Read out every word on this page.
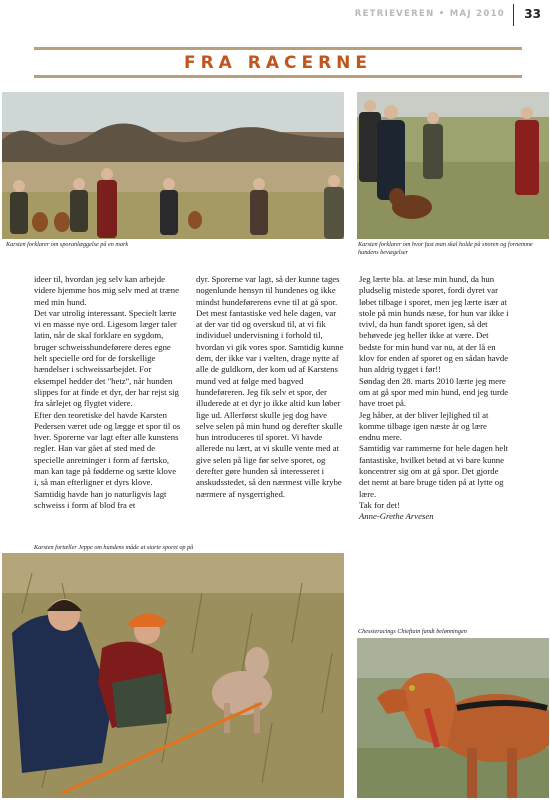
RETRIEVEREN • MAJ 2010 33
FRA RACERNE
Karsten forklarer om sporanlæggelse på en mark	Karsten forklarer om hvor fast man skal holde på snoren og fornemme hundens bevægelser

ideer til, hvordan jeg selv kan arbejde videre hjemme hos mig selv med at træne med min hund.

Det var utrolig interessant. Specielt lærte vi en masse nye ord. Ligesom læger taler latin, når de skal forklare en sygdom, bruger schweisshundeførere deres egne helt specielle ord for de forskellige hændelser i schweissarbejdet. For eksempel hedder det "hetz", når hunden slippes for at finde et dyr, der har rejst sig fra sårlejet og flygtet videre.

Efter den teoretiske del havde Karsten Pedersen været ude og lægge et spor til os hver. Sporerne var lagt efter alle kunstens regler. Han var gået af sted med de specielle anretninger i form af færtsko, man kan tage på fødderne og sætte klove i, så man efterligner et dyrs klove. Samtidig havde han jo naturligvis lagt schweiss i form af blod fra et

dyr. Sporerne var lagt, så der kunne tages nogenlunde hensyn til hundenes og ikke mindst hundeførerens evne til at gå spor.

Det mest fantastiske ved hele dagen, var at der var tid og overskud til, at vi fik individuel undervisning i forhold til, hvordan vi gik vores spor. Samtidig kunne dem, der ikke var i vælten, drage nytte af alle de guldkorn, der kom ud af Karstens mund ved at følge med bagved hundeføreren. Jeg fik selv et spor, der illuderede at et dyr jo ikke altid kun løber lige ud. Allerførst skulle jeg dog have selve selen på min hund og derefter skulle hun introduceres til sporet. Vi havde allerede nu lært, at vi skulle vente med at give selen på lige før selve sporet, og derefter gøre hunden så interesseret i anskudsstedet, så den nærmest ville krybe nærmere af nysgerrighed.

Jeg lærte bla. at læse min hund, da hun pludselig mistede sporet, fordi dyret var løbet tilbage i sporet, men jeg lærte især at stole på min hunds næse, for hun var ikke i tvivl, da hun fandt sporet igen, så det behøvede jeg heller ikke at være. Det bedste for min hund var nu, at der lå en klov for enden af sporet og en sådan havde hun aldrig tygget i før!!

Søndag den 28. marts 2010 lærte jeg mere om at gå spor med min hund, end jeg turde have troet på.

Jeg håber, at der bliver lejlighed til at komme tilbage igen næste år og lære endnu mere.

Samtidig var rammerne for hele dagen helt fantastiske, hvilket betød at vi bare kunne koncentrer sig om at gå spor. Det gjorde det nemt at bare bruge tiden på at lytte og lære.

Tak for det!

Anne-Grethe Arvesen

Karsten fortæller Jeppe om hundens måde at starte sporet op på
Chessieracings Chieftain fandt belønningen
